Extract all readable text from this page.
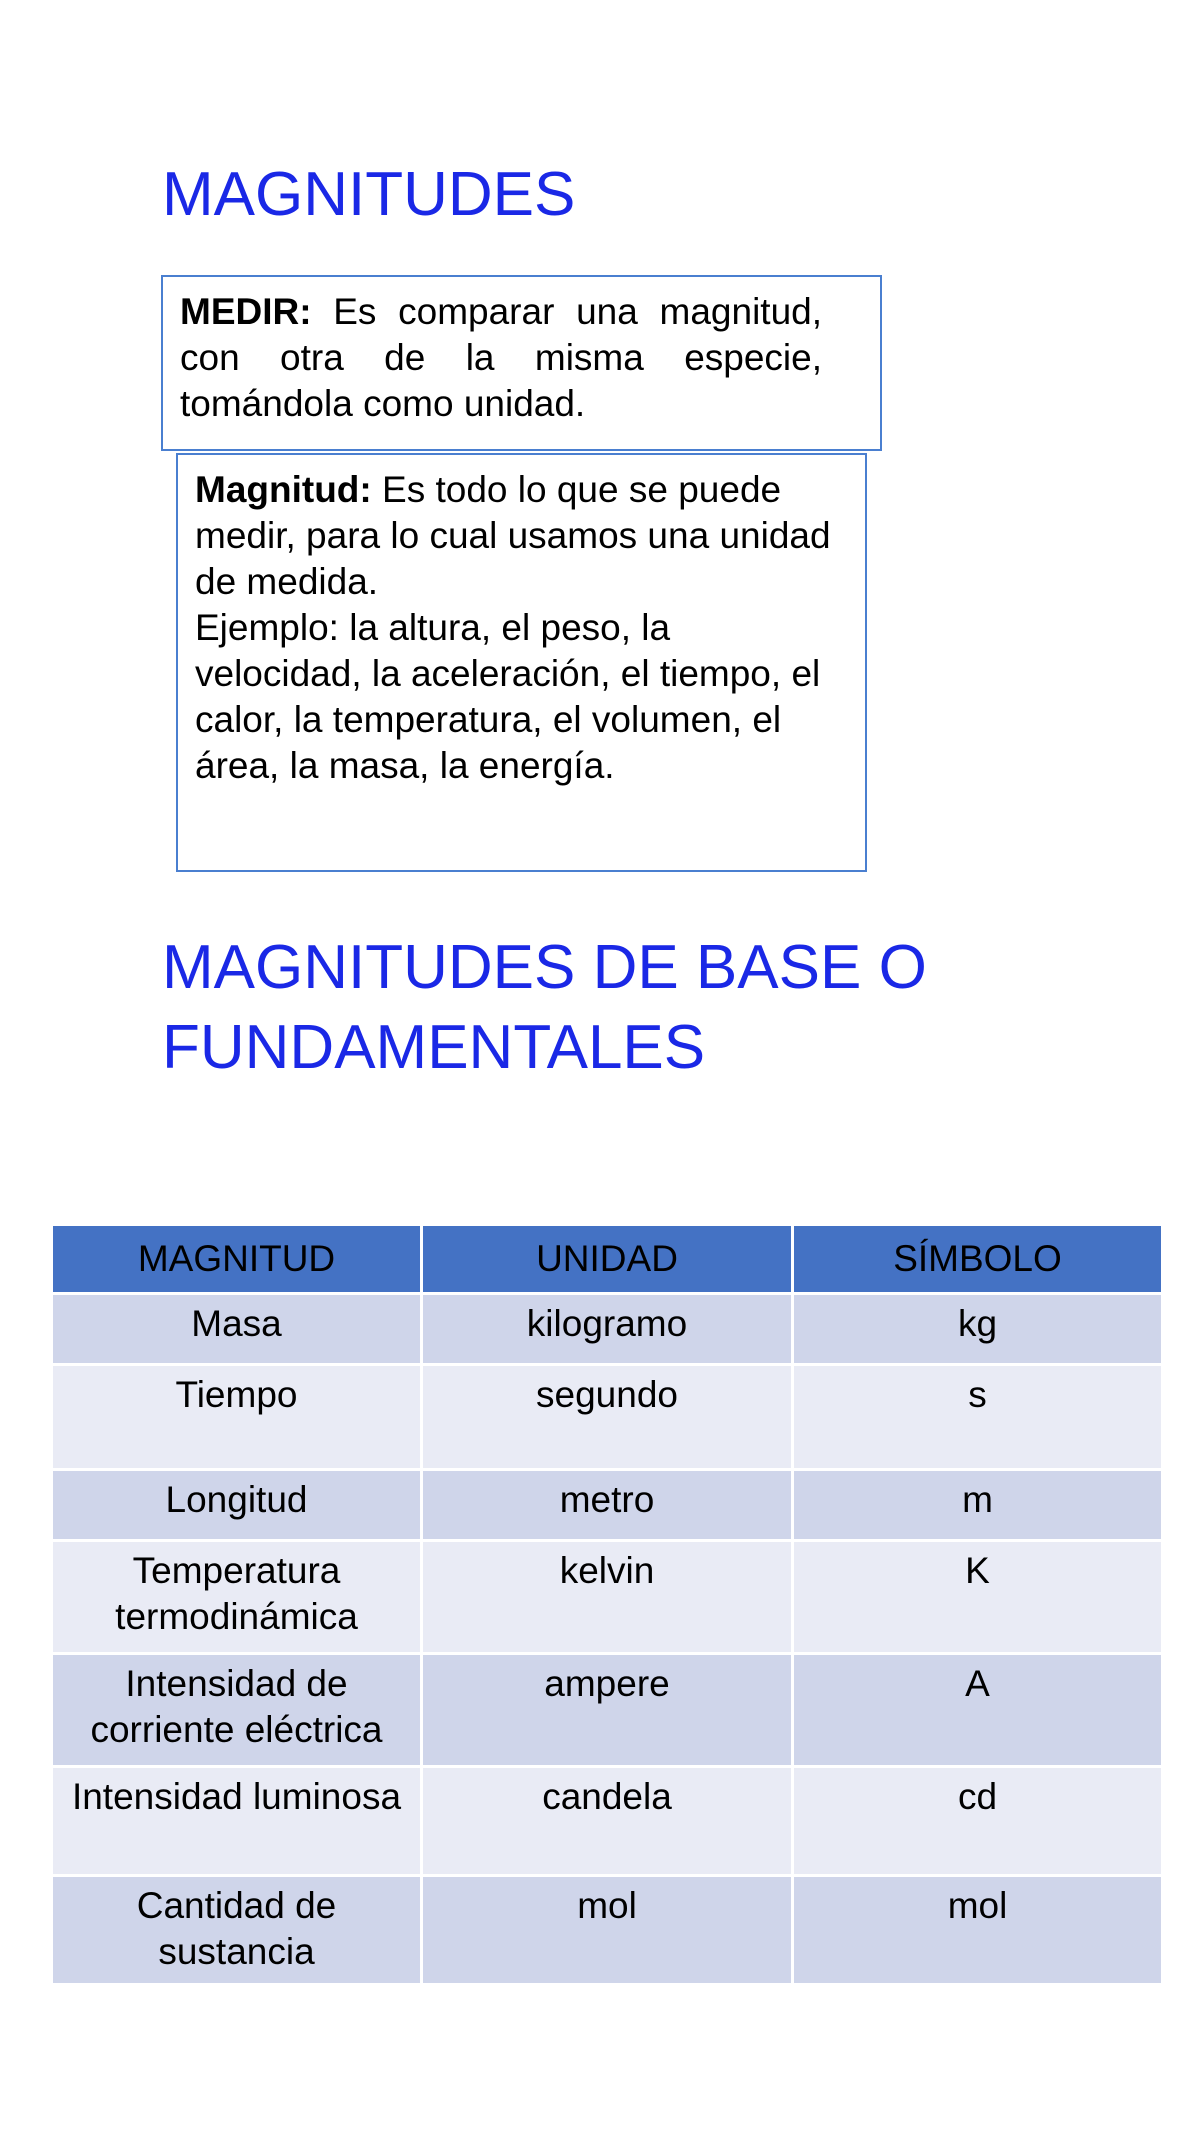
MAGNITUDES

MEDIR: Es comparar una magnitud, con otra de la misma especie, tomándola como unidad.

Magnitud: Es todo lo que se puede medir, para lo cual usamos una unidad de medida.

Ejemplo: la altura, el peso, la velocidad, la aceleración, el tiempo, el calor, la temperatura, el volumen, el área, la masa, la energía.

MAGNITUDES DE BASE O FUNDAMENTALES
MAGNITUD	UNIDAD	SÍMBOLO
Masa	kilogramo	kg
Tiempo	segundo	s
Longitud	metro	m
Temperatura termodinámica	kelvin	K
Intensidad de corriente eléctrica	ampere	A
Intensidad luminosa	candela	cd
Cantidad de sustancia	mol	mol
